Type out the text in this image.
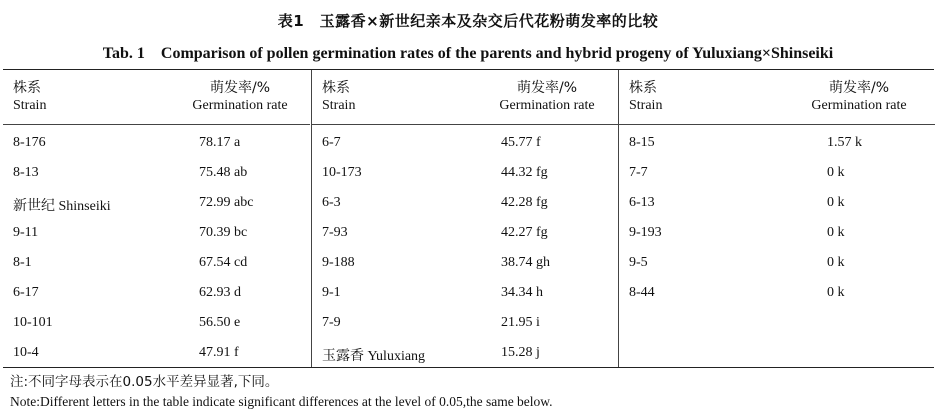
表1　玉露香×新世纪亲本及杂交后代花粉萌发率的比较
Tab. 1　Comparison of pollen germination rates of the parents and hybrid progeny of Yuluxiang×Shinseiki
株系
Strain
萌发率/%
Germination rate
8-176	78.17 a
8-13	75.48 ab
新世纪 Shinseiki	72.99 abc
9-11	70.39 bc
8-1	67.54 cd
6-17	62.93 d
10-101	56.50 e
10-4	47.91 f
株系
Strain
萌发率/%
Germination rate
6-7	45.77 f
10-173	44.32 fg
6-3	42.28 fg
7-93	42.27 fg
9-188	38.74 gh
9-1	34.34 h
7-9	21.95 i
玉露香 Yuluxiang	15.28 j
株系
Strain
萌发率/%
Germination rate
8-15	1.57 k
7-7	0 k
6-13	0 k
9-193	0 k
9-5	0 k
8-44	0 k
注:不同字母表示在0.05水平差异显著,下同。
Note:Different letters in the table indicate significant differences at the level of 0.05,the same below.
